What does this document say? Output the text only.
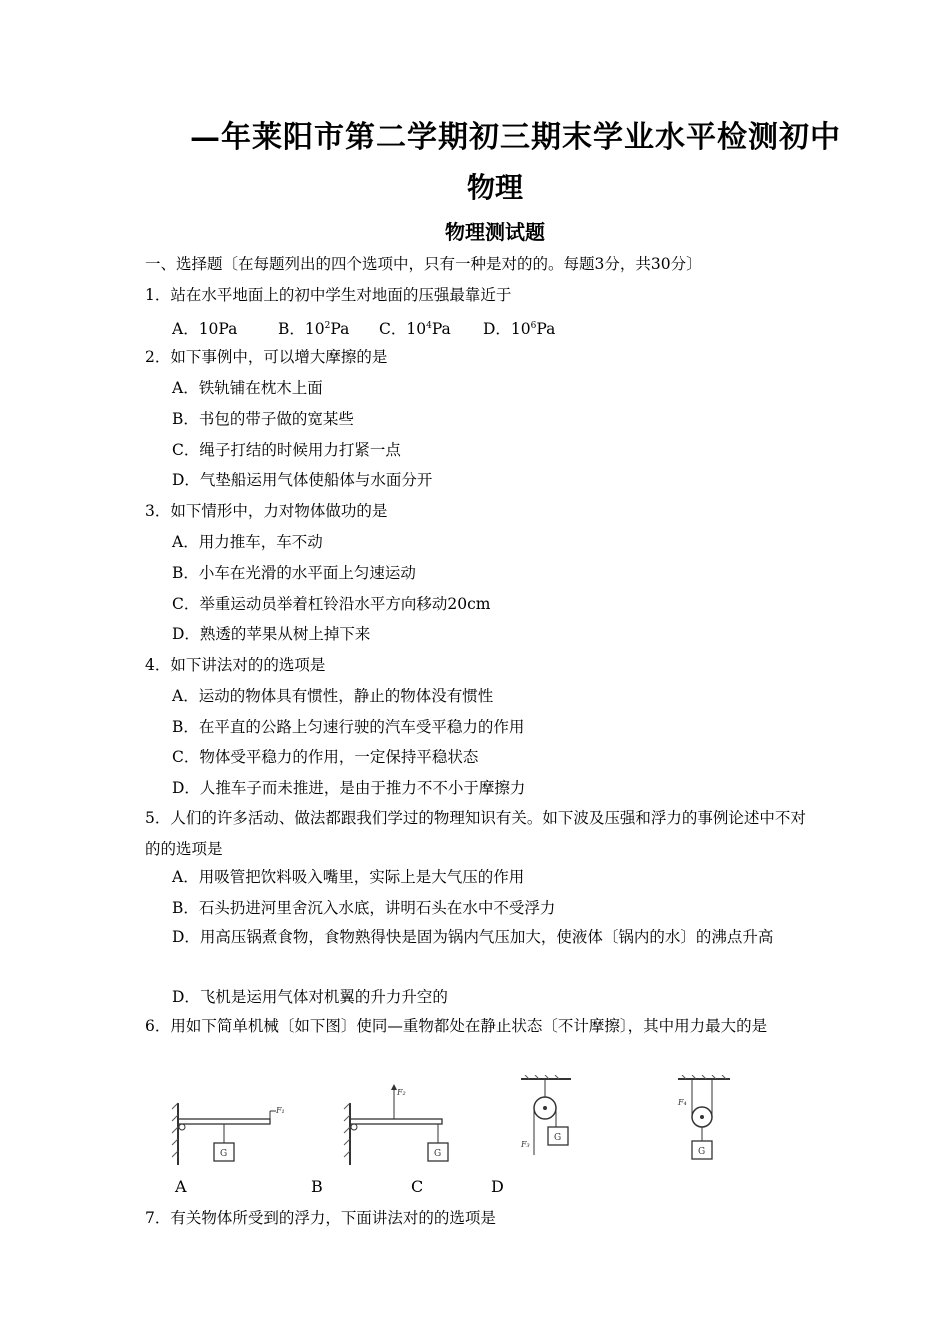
—年莱阳市第二学期初三期末学业水平检测初中
物理
物理测试题
一、选择题〔在每题列出的四个选项中，只有一种是对的的。每题3分，共30分〕
1．站在水平地面上的初中学生对地面的压强最靠近于
A．10Pa	B．$10^2Pa$ C．$10^4Pa$ D．$10^6Pa$
2．如下事例中，可以增大摩擦的是
A．铁轨铺在枕木上面
B．书包的带子做的宽某些
C．绳子打结的时候用力打紧一点
D．气垫船运用气体使船体与水面分开
3．如下情形中，力对物体做功的是
A．用力推车，车不动
B．小车在光滑的水平面上匀速运动
C．举重运动员举着杠铃沿水平方向移动20cm
D．熟透的苹果从树上掉下来
4．如下讲法对的的选项是
A．运动的物体具有惯性，静止的物体没有惯性
B．在平直的公路上匀速行驶的汽车受平稳力的作用
C．物体受平稳力的作用，一定保持平稳状态
D．人推车子而未推进，是由于推力不不小于摩擦力
5．人们的许多活动、做法都跟我们学过的物理知识有关。如下波及压强和浮力的事例论述中不对的的选项是
A．用吸管把饮料吸入嘴里，实际上是大气压的作用
B．石头扔进河里舍沉入水底，讲明石头在水中不受浮力
D．用高压锅煮食物，食物熟得快是固为锅内气压加大，使液体〔锅内的水〕的沸点升高
D．飞机是运用气体对机翼的升力升空的
6．用如下简单机械〔如下图〕使同—重物都处在静止状态〔不计摩擦〕，其中用力最大的是
F₁
G
F₂
G
F₃
G
F₄
G
A	B	C	D
7．有关物体所受到的浮力，下面讲法对的的选项是
